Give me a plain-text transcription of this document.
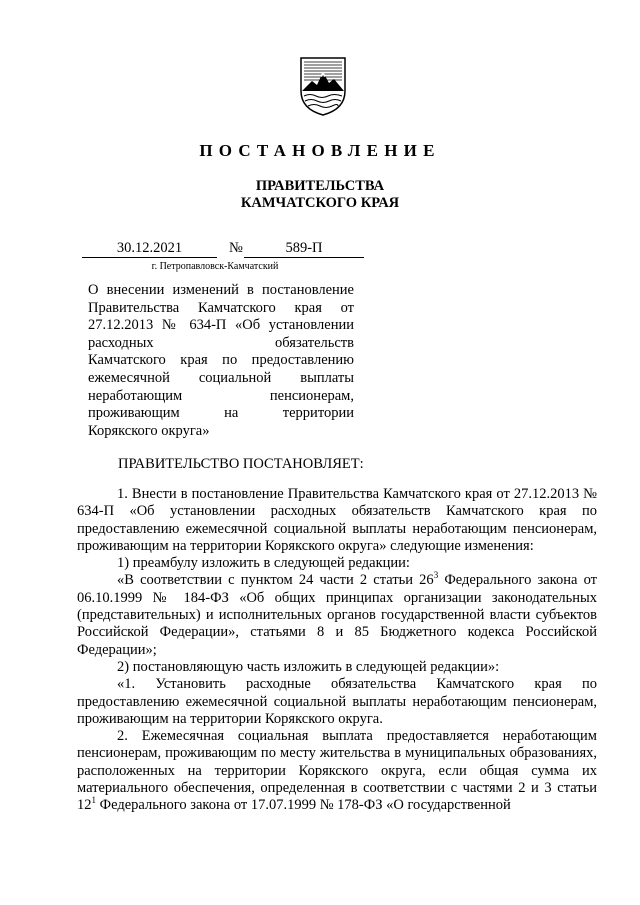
ПОСТАНОВЛЕНИЕ
ПРАВИТЕЛЬСТВА
КАМЧАТСКОГО КРАЯ
30.12.2021	№	589-П
г. Петропавловск-Камчатский
О внесении изменений в постановление
Правительства Камчатского края от
27.12.2013 № 634-П «Об установлении
расходных обязательств
Камчатского края по предоставлению
ежемесячной социальной выплаты
неработающим пенсионерам,
проживающим на территории
Корякского округа»
ПРАВИТЕЛЬСТВО ПОСТАНОВЛЯЕТ:

1. Внести в постановление Правительства Камчатского края от 27.12.2013 № 634-П «Об установлении расходных обязательств Камчатского края по предоставлению ежемесячной социальной выплаты неработающим пенсионерам, проживающим на территории Корякского округа» следующие изменения:

1) преамбулу изложить в следующей редакции:

«В соответствии с пунктом 24 части 2 статьи $26^3$ Федерального закона от 06.10.1999 № 184-ФЗ «Об общих принципах организации законодательных (представительных) и исполнительных органов государственной власти субъектов Российской Федерации», статьями 8 и 85 Бюджетного кодекса Российской Федерации»;

2) постановляющую часть изложить в следующей редакции»:

«1. Установить расходные обязательства Камчатского края по предоставлению ежемесячной социальной выплаты неработающим пенсионерам, проживающим на территории Корякского округа.

2. Ежемесячная социальная выплата предоставляется неработающим пенсионерам, проживающим по месту жительства в муниципальных образованиях, расположенных на территории Корякского округа, если общая сумма их материального обеспечения, определенная в соответствии с частями 2 и 3 статьи $12^1$ Федерального закона от 17.07.1999 № 178-ФЗ «О государственной
